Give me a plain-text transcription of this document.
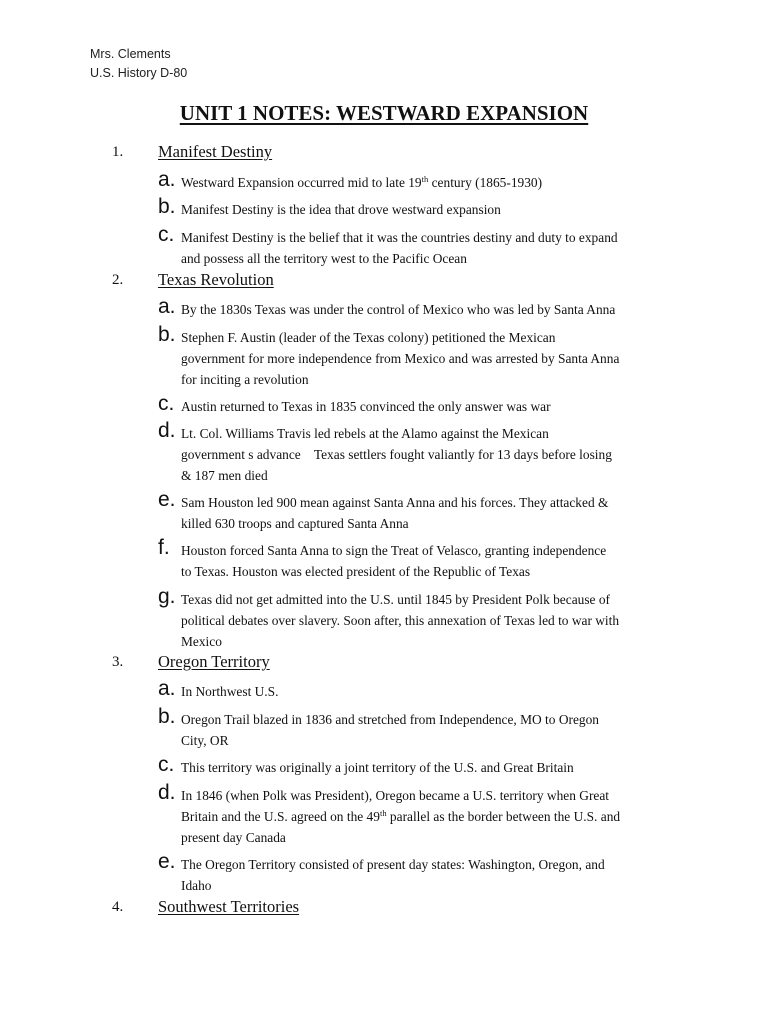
Mrs. Clements
U.S. History D-80
UNIT 1 NOTES: WESTWARD EXPANSION
1. Manifest Destiny
a. Westward Expansion occurred mid to late 19th century (1865-1930)
b. Manifest Destiny is the idea that drove westward expansion
c. Manifest Destiny is the belief that it was the countries destiny and duty to expand
and possess all the territory west to the Pacific Ocean
2. Texas Revolution
a. By the 1830s Texas was under the control of Mexico who was led by Santa Anna
b. Stephen F. Austin (leader of the Texas colony) petitioned the Mexican
government for more independence from Mexico and was arrested by Santa Anna
for inciting a revolution
c. Austin returned to Texas in 1835 convinced the only answer was war
d. Lt. Col. Williams Travis led rebels at the Alamo against the Mexican
government s advance    Texas settlers fought valiantly for 13 days before losing
& 187 men died
e. Sam Houston led 900 mean against Santa Anna and his forces. They attacked &
killed 630 troops and captured Santa Anna
f. Houston forced Santa Anna to sign the Treat of Velasco, granting independence
to Texas. Houston was elected president of the Republic of Texas
g. Texas did not get admitted into the U.S. until 1845 by President Polk because of
political debates over slavery. Soon after, this annexation of Texas led to war with
Mexico
3. Oregon Territory
a. In Northwest U.S.
b. Oregon Trail blazed in 1836 and stretched from Independence, MO to Oregon
City, OR
c. This territory was originally a joint territory of the U.S. and Great Britain
d. In 1846 (when Polk was President), Oregon became a U.S. territory when Great
Britain and the U.S. agreed on the 49th parallel as the border between the U.S. and
present day Canada
e. The Oregon Territory consisted of present day states: Washington, Oregon, and
Idaho
4. Southwest Territories
